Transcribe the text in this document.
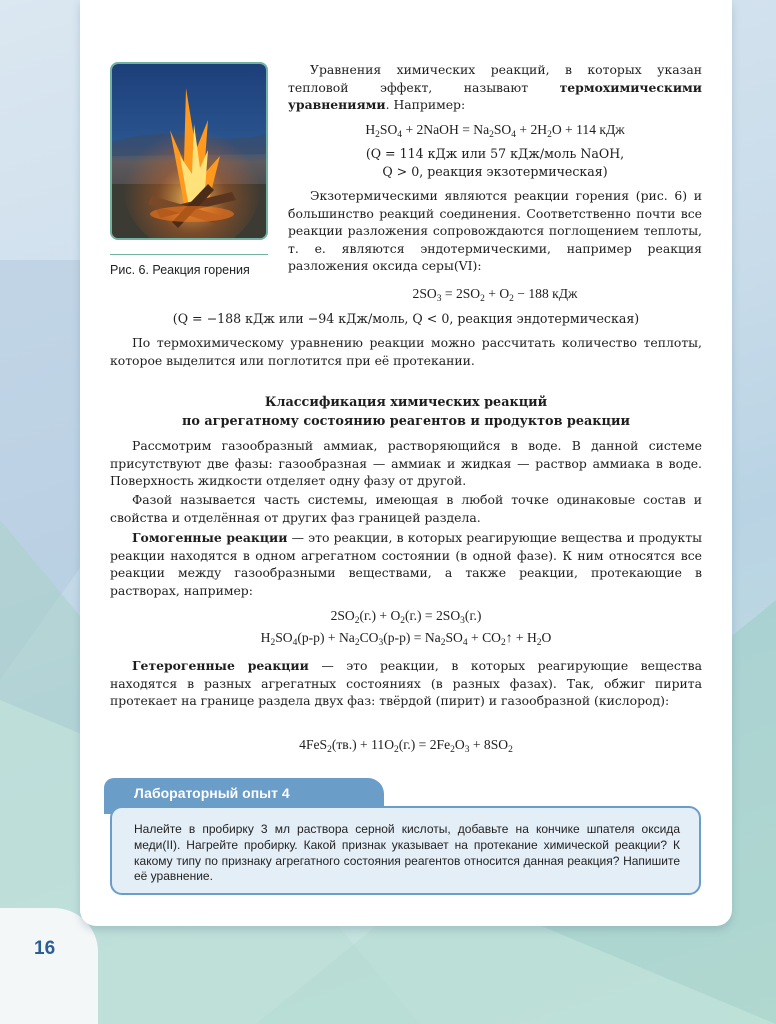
16
Рис. 6. Реакция горения
Уравнения химических реакций, в которых указан тепловой эффект, называют термохимическими уравнениями. Например:
$H_2SO_4$ + 2NaOH = $Na_2SO_4 + 2H_2O + 114$ кДж
(Q = 114 кДж или 57 кДж/моль NaOH,
Q > 0, реакция экзотермическая)
Экзотермическими являются реакции горения (рис. 6) и большинство реакций соединения. Соответственно почти все реакции разложения сопровождаются поглощением теплоты, т. е. являются эндотермическими, например реакция разложения оксида серы(VI):
$2SO_3 = 2SO_2 + O_2 - 188$ кДж
(Q = −188 кДж или −94 кДж/моль, Q < 0, реакция эндотермическая)
По термохимическому уравнению реакции можно рассчитать количество теплоты, которое выделится или поглотится при её протекании.
Классификация химических реакций
по агрегатному состоянию реагентов и продуктов реакции
Рассмотрим газообразный аммиак, растворяющийся в воде. В данной системе присутствуют две фазы: газообразная — аммиак и жидкая — раствор аммиака в воде. Поверхность жидкости отделяет одну фазу от другой.
Фазой называется часть системы, имеющая в любой точке одинаковые состав и свойства и отделённая от других фаз границей раздела.
Гомогенные реакции — это реакции, в которых реагирующие вещества и продукты реакции находятся в одном агрегатном состоянии (в одной фазе). К ним относятся все реакции между газообразными веществами, а также реакции, протекающие в растворах, например:
$2SO_2(г.) + O_2(г.) = 2SO_3(г.)$
$H_2SO_4(р-р) + Na_2CO_3(р-р) = Na_2SO_4$ + $CO_2↑ + H_2O$
Гетерогенные реакции — это реакции, в которых реагирующие вещества находятся в разных агрегатных состояниях (в разных фазах). Так, обжиг пирита протекает на границе раздела двух фаз: твёрдой (пирит) и газообразной (кислород):
$4FeS_2(тв.) + 11O_2(г.) = 2Fe_2O_3 + 8SO_2$
Лабораторный опыт 4
Налейте в пробирку 3 мл раствора серной кислоты, добавьте на кончике шпателя оксида меди(II). Нагрейте пробирку. Какой признак указывает на протекание химической реакции? К какому типу по признаку агрегатного состояния реагентов относится данная реакция? Напишите её уравнение.
